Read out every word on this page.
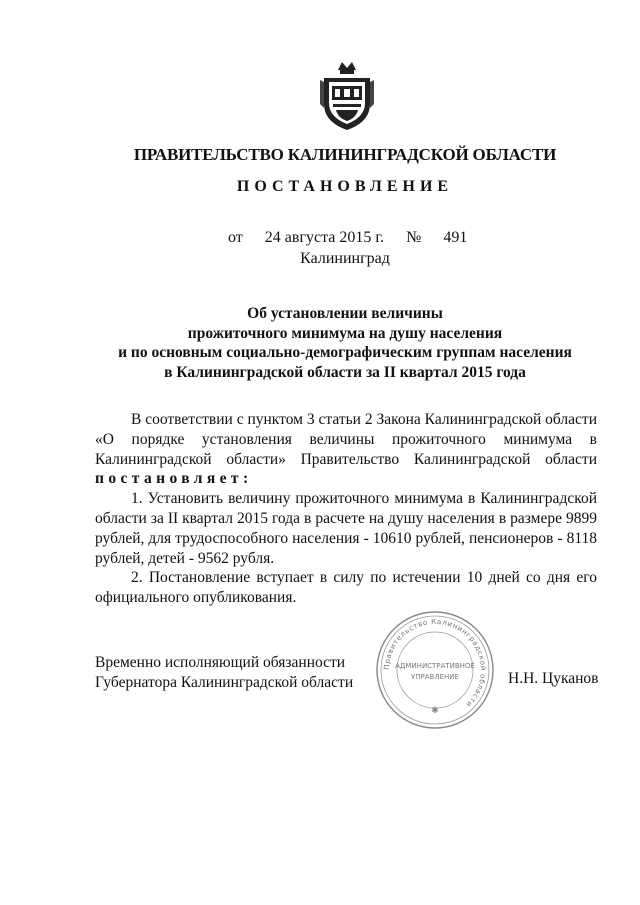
ПРАВИТЕЛЬСТВО КАЛИНИНГРАДСКОЙ ОБЛАСТИ
ПОСТАНОВЛЕНИЕ
от 24 августа 2015 г. № 491
Калининград
Об установлении величины
прожиточного минимума на душу населения
и по основным социально-демографическим группам населения
в Калининградской области за II квартал 2015 года
В соответствии с пунктом 3 статьи 2 Закона Калининградской области
«О порядке установления величины прожиточного минимума в
Калининградской области» Правительство Калининградской области
постановляет:
1. Установить величину прожиточного минимума в Калининградской области за II квартал 2015 года в расчете на душу населения в размере 9899 рублей, для трудоспособного населения - 10610 рублей, пенсионеров - 8118 рублей, детей - 9562 рубля.
2. Постановление вступает в силу по истечении 10 дней со дня его официального опубликования.
Правительство Калининградской области
АДМИНИСТРАТИВНОЕ
УПРАВЛЕНИЕ
✱
Временно исполняющий обязанности
Губернатора Калининградской области	Н.Н. Цуканов
